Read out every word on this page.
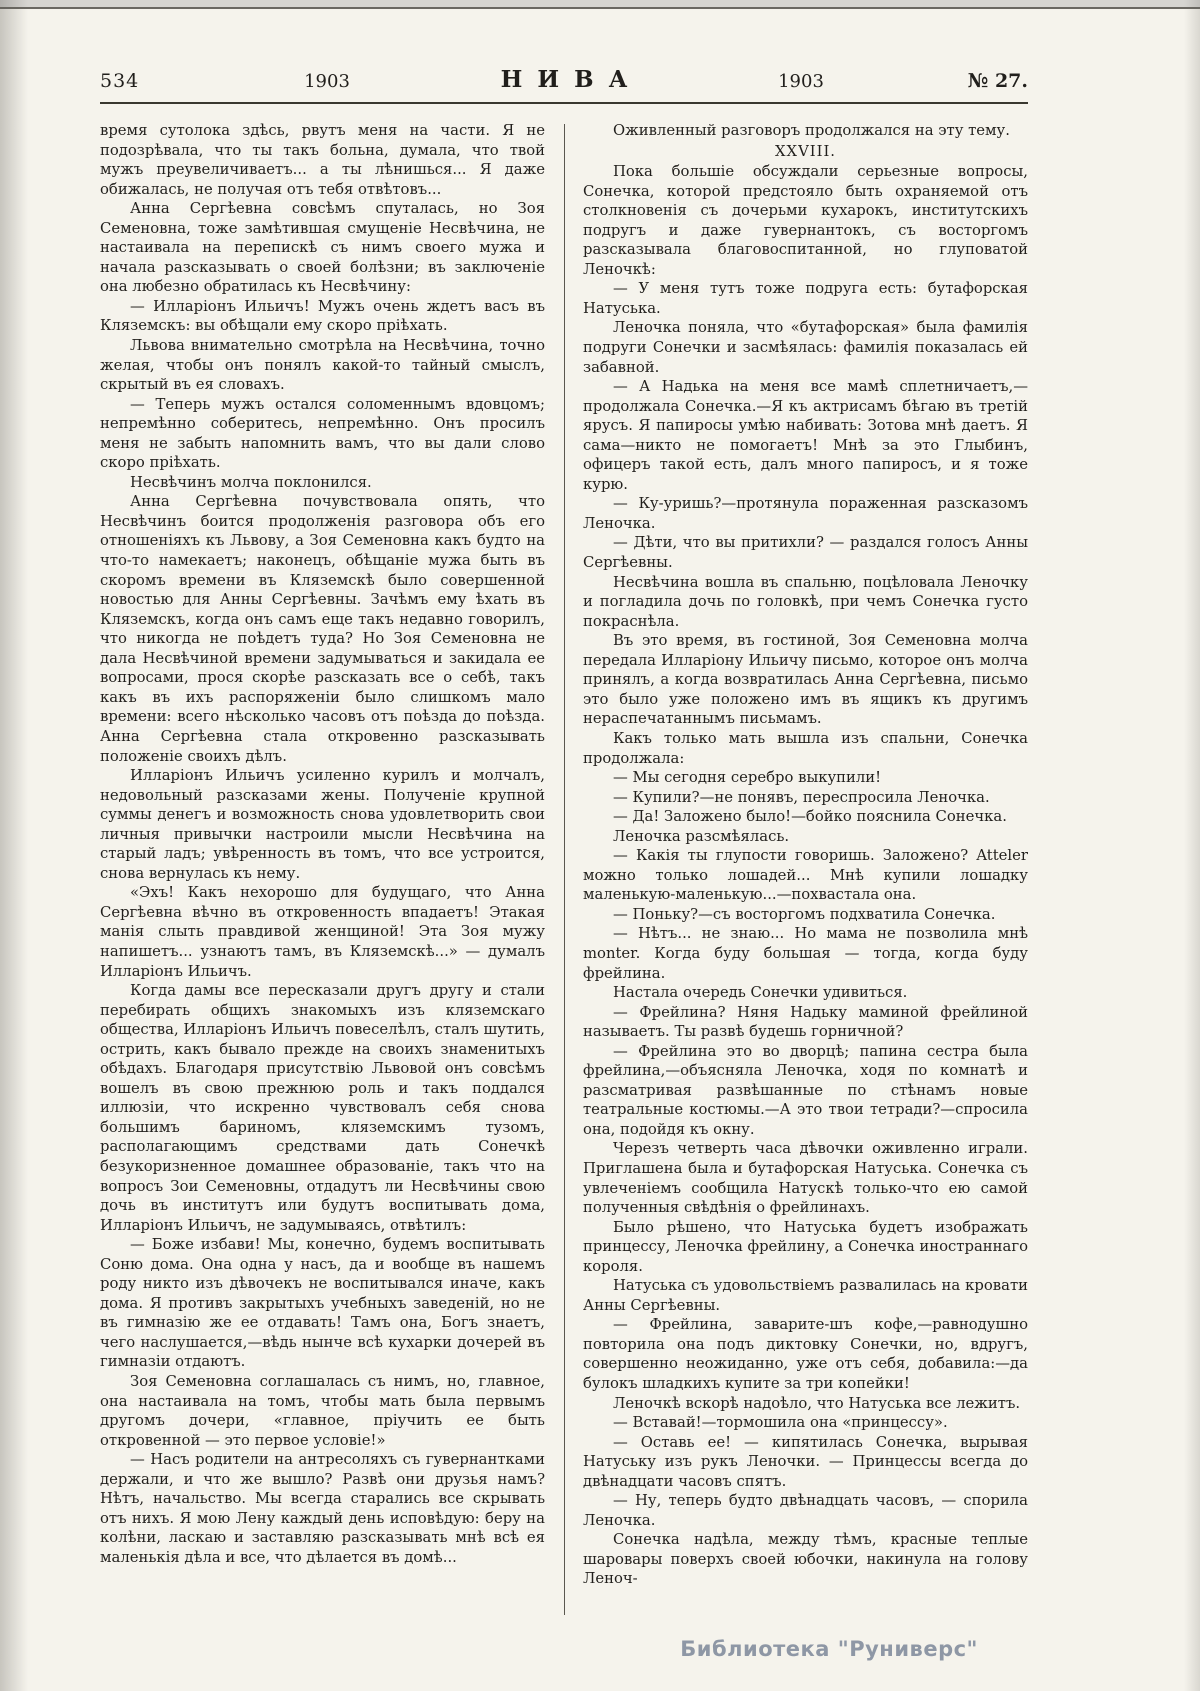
534	1903	НИВА	1903	№ 27.

время сутолока здѣсь, рвутъ меня на части. Я не подозрѣвала, что ты такъ больна, думала, что твой мужъ преувеличиваетъ... а ты лѣнишься... Я даже обижалась, не получая отъ тебя отвѣтовъ...

Анна Сергѣевна совсѣмъ спуталась, но Зоя Семеновна, тоже замѣтившая смущеніе Несвѣчина, не настаивала на перепискѣ съ нимъ своего мужа и начала разсказывать о своей болѣзни; въ заключеніе она любезно обратилась къ Несвѣчину:

— Илларіонъ Ильичъ! Мужъ очень ждетъ васъ въ Кляземскъ: вы обѣщали ему скоро пріѣхать.

Львова внимательно смотрѣла на Несвѣчина, точно желая, чтобы онъ понялъ какой-то тайный смыслъ, скрытый въ ея словахъ.

— Теперь мужъ остался соломеннымъ вдовцомъ; непремѣнно соберитесь, непремѣнно. Онъ просилъ меня не забыть напомнить вамъ, что вы дали слово скоро пріѣхать.

Несвѣчинъ молча поклонился.

Анна Сергѣевна почувствовала опять, что Несвѣчинъ боится продолженія разговора объ его отношеніяхъ къ Львову, а Зоя Семеновна какъ будто на что-то намекаетъ; наконецъ, обѣщаніе мужа быть въ скоромъ времени въ Кляземскѣ было совершенной новостью для Анны Сергѣевны. Зачѣмъ ему ѣхать въ Кляземскъ, когда онъ самъ еще такъ недавно говорилъ, что никогда не поѣдетъ туда? Но Зоя Семеновна не дала Несвѣчиной времени задумываться и закидала ее вопросами, прося скорѣе разсказать все о себѣ, такъ какъ въ ихъ распоряженіи было слишкомъ мало времени: всего нѣсколько часовъ отъ поѣзда до поѣзда. Анна Сергѣевна стала откровенно разсказывать положеніе своихъ дѣлъ.

Илларіонъ Ильичъ усиленно курилъ и молчалъ, недовольный разсказами жены. Полученіе крупной суммы денегъ и возможность снова удовлетворить свои личныя привычки настроили мысли Несвѣчина на старый ладъ; увѣренность въ томъ, что все устроится, снова вернулась къ нему.

«Эхъ! Какъ нехорошо для будущаго, что Анна Сергѣевна вѣчно въ откровенность впадаетъ! Этакая манія слыть правдивой женщиной! Эта Зоя мужу напишетъ... узнаютъ тамъ, въ Кляземскѣ...» — думалъ Илларіонъ Ильичъ.

Когда дамы все пересказали другъ другу и стали перебирать общихъ знакомыхъ изъ кляземскаго общества, Илларіонъ Ильичъ повеселѣлъ, сталъ шутить, острить, какъ бывало прежде на своихъ знаменитыхъ обѣдахъ. Благодаря присутствію Львовой онъ совсѣмъ вошелъ въ свою прежнюю роль и такъ поддался иллюзіи, что искренно чувствовалъ себя снова большимъ бариномъ, кляземскимъ тузомъ, располагающимъ средствами дать Сонечкѣ безукоризненное домашнее образованіе, такъ что на вопросъ Зои Семеновны, отдадутъ ли Несвѣчины свою дочь въ институтъ или будутъ воспитывать дома, Илларіонъ Ильичъ, не задумываясь, отвѣтилъ:

— Боже избави! Мы, конечно, будемъ воспитывать Соню дома. Она одна у насъ, да и вообще въ нашемъ роду никто изъ дѣвочекъ не воспитывался иначе, какъ дома. Я противъ закрытыхъ учебныхъ заведеній, но не въ гимназію же ее отдавать! Тамъ она, Богъ знаетъ, чего наслушается,—вѣдь нынче всѣ кухарки дочерей въ гимназіи отдаютъ.

Зоя Семеновна соглашалась съ нимъ, но, главное, она настаивала на томъ, чтобы мать была первымъ другомъ дочери, «главное, пріучить ее быть откровенной — это первое условіе!»

— Насъ родители на антресоляхъ съ гувернантками держали, и что же вышло? Развѣ они друзья намъ? Нѣтъ, начальство. Мы всегда старались все скрывать отъ нихъ. Я мою Лену каждый день исповѣдую: беру на колѣни, ласкаю и заставляю разсказывать мнѣ всѣ ея маленькія дѣла и все, что дѣлается въ домѣ...

Оживленный разговоръ продолжался на эту тему.

XXVIII.

Пока большіе обсуждали серьезные вопросы, Сонечка, которой предстояло быть охраняемой отъ столкновенія съ дочерьми кухарокъ, институтскихъ подругъ и даже гувернантокъ, съ восторгомъ разсказывала благовоспитанной, но глуповатой Леночкѣ:

— У меня тутъ тоже подруга есть: бутафорская Натуська.

Леночка поняла, что «бутафорская» была фамилія подруги Сонечки и засмѣялась: фамилія показалась ей забавной.

— А Надька на меня все мамѣ сплетничаетъ,—продолжала Сонечка.—Я къ актрисамъ бѣгаю въ третій ярусъ. Я папиросы умѣю набивать: Зотова мнѣ даетъ. Я сама—никто не помогаетъ! Мнѣ за это Глыбинъ, офицеръ такой есть, далъ много папиросъ, и я тоже курю.

— Ку-уришь?—протянула пораженная разсказомъ Леночка.

— Дѣти, что вы притихли? — раздался голосъ Анны Сергѣевны.

Несвѣчина вошла въ спальню, поцѣловала Леночку и погладила дочь по головкѣ, при чемъ Сонечка густо покраснѣла.

Въ это время, въ гостиной, Зоя Семеновна молча передала Илларіону Ильичу письмо, которое онъ молча принялъ, а когда возвратилась Анна Сергѣевна, письмо это было уже положено имъ въ ящикъ къ другимъ нераспечатаннымъ письмамъ.

Какъ только мать вышла изъ спальни, Сонечка продолжала:

— Мы сегодня серебро выкупили!

— Купили?—не понявъ, переспросила Леночка.

— Да! Заложено было!—бойко пояснила Сонечка.

Леночка разсмѣялась.

— Какія ты глупости говоришь. Заложено? Atteler можно только лошадей... Мнѣ купили лошадку маленькую-маленькую...—похвастала она.

— Поньку?—съ восторгомъ подхватила Сонечка.

— Нѣтъ... не знаю... Но мама не позволила мнѣ monter. Когда буду большая — тогда, когда буду фрейлина.

Настала очередь Сонечки удивиться.

— Фрейлина? Няня Надьку маминой фрейлиной называетъ. Ты развѣ будешь горничной?

— Фрейлина это во дворцѣ; папина сестра была фрейлина,—объясняла Леночка, ходя по комнатѣ и разсматривая развѣшанные по стѣнамъ новые театральные костюмы.—А это твои тетради?—спросила она, подойдя къ окну.

Черезъ четверть часа дѣвочки оживленно играли. Приглашена была и бутафорская Натуська. Сонечка съ увлеченіемъ сообщила Натускѣ только-что ею самой полученныя свѣдѣнія о фрейлинахъ.

Было рѣшено, что Натуська будетъ изображать принцессу, Леночка фрейлину, а Сонечка иностраннаго короля.

Натуська съ удовольствіемъ развалилась на кровати Анны Сергѣевны.

— Фрейлина, заварите-шъ кофе,—равнодушно повторила она подъ диктовку Сонечки, но, вдругъ, совершенно неожиданно, уже отъ себя, добавила:—да булокъ шладкихъ купите за три копейки!

Леночкѣ вскорѣ надоѣло, что Натуська все лежитъ.

— Вставай!—тормошила она «принцессу».

— Оставь ее! — кипятилась Сонечка, вырывая Натуську изъ рукъ Леночки. — Принцессы всегда до двѣнадцати часовъ спятъ.

— Ну, теперь будто двѣнадцать часовъ, — спорила Леночка.

Сонечка надѣла, между тѣмъ, красные теплые шаровары поверхъ своей юбочки, накинула на голову Леноч-

Библиотека "Руниверс"
